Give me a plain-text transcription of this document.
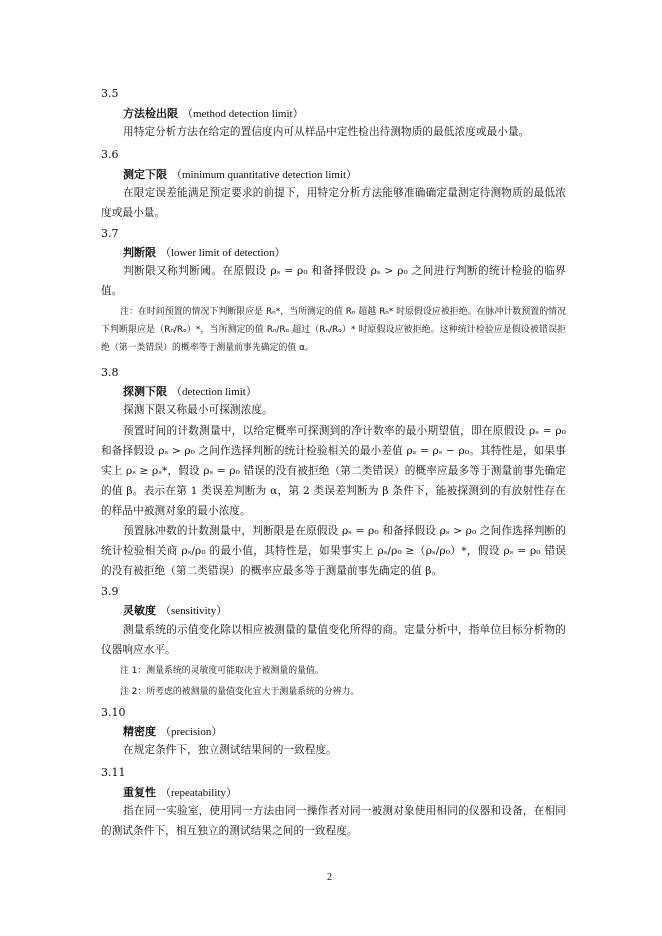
3.5
方法检出限 （method detection limit）
用特定分析方法在给定的置信度内可从样品中定性检出待测物质的最低浓度或最小量。
3.6
测定下限 （minimum quantitative detection limit）
在限定误差能满足预定要求的前提下，用特定分析方法能够准确确定量测定待测物质的最低浓度或最小量。
3.7
判断限 （lower limit of detection）
判断限又称判断阈。在原假设 ρₛ = ρ₀ 和备择假设 ρₛ > ρ₀ 之间进行判断的统计检验的临界值。
注：在时间预置的情况下判断限应是 Rₙ*，当所测定的值 Rₙ 超越 Rₙ* 时原假设应被拒绝。在脉冲计数预置的情况下判断限应是（Rₙ/Rₒ）*，当所测定的值 Rₙ/Rₒ 超过（Rₙ/Rₒ）* 时原假设应被拒绝。这种统计检验应是假设被错误拒绝（第一类错误）的概率等于测量前事先确定的值 α。
3.8
探测下限 （detection limit）
探测下限又称最小可探测浓度。
预置时间的计数测量中，以给定概率可探测到的净计数率的最小期望值，即在原假设 ρₛ = ρ₀ 和备择假设 ρₛ > ρ₀ 之间作选择判断的统计检验相关的最小差值 ρₛ = ρₛ − ρ₀。其特性是，如果事实上 ρₛ ≥ ρₛ*，假设 ρₛ = ρ₀ 错误的没有被拒绝（第二类错误）的概率应最多等于测量前事先确定的值 β。表示在第 1 类误差判断为 α，第 2 类误差判断为 β 条件下，能被探测到的有放射性存在的样品中被测对象的最小浓度。
预置脉冲数的计数测量中，判断限是在原假设 ρₛ = ρ₀ 和备择假设 ρₛ > ρ₀ 之间作选择判断的统计检验相关商 ρₛ/ρ₀ 的最小值，其特性是，如果事实上 ρₛ/ρ₀ ≥（ρₛ/ρ₀）*，假设 ρₛ = ρ₀ 错误的没有被拒绝（第二类错误）的概率应最多等于测量前事先确定的值 β。
3.9
灵敏度 （sensitivity）
测量系统的示值变化除以相应被测量的量值变化所得的商。定量分析中，指单位目标分析物的仪器响应水平。
注 1：测量系统的灵敏度可能取决于被测量的量值。
注 2：所考虑的被测量的量值变化宜大于测量系统的分辨力。
3.10
精密度 （precision）
在规定条件下，独立测试结果间的一致程度。
3.11
重复性 （repeatability）
指在同一实验室，使用同一方法由同一操作者对同一被测对象使用相同的仪器和设备，在相同的测试条件下，相互独立的测试结果之间的一致程度。
2
